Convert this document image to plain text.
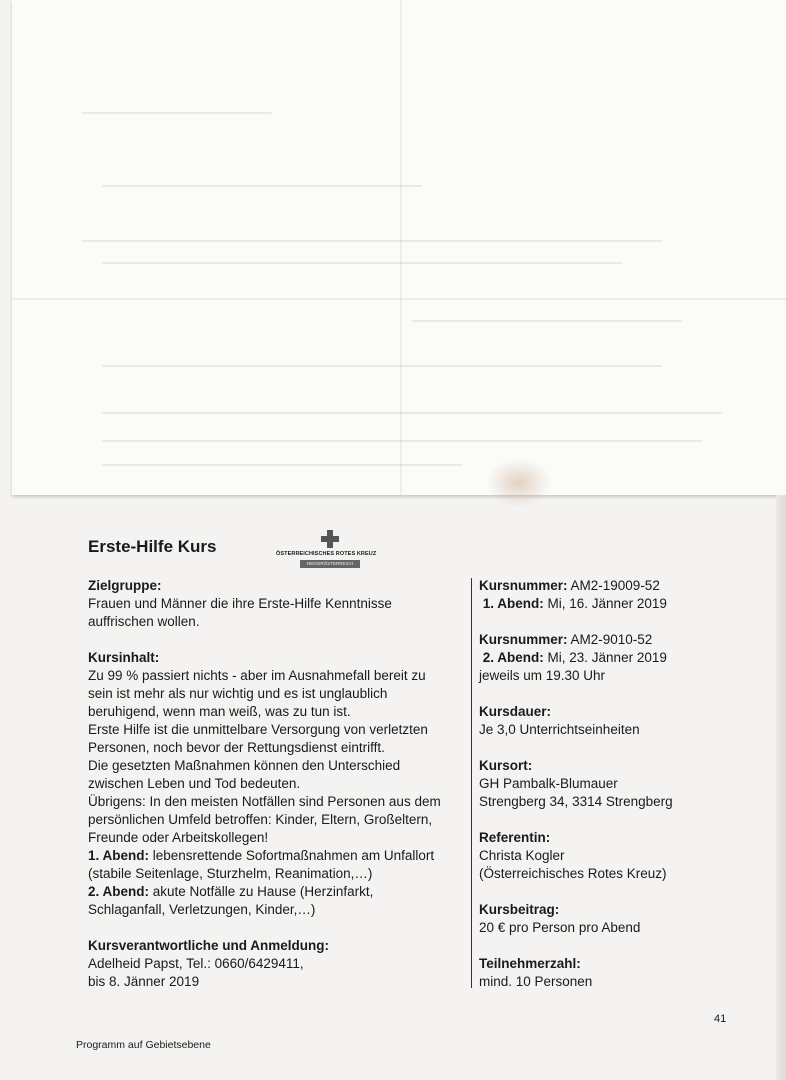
Erste-Hilfe Kurs	ÖSTERREICHISCHES ROTES KREUZ
NIEDERÖSTERREICH
Zielgruppe:
Frauen und Männer die ihre Erste-Hilfe Kenntnisse
auffrischen wollen.
Kursinhalt:
Zu 99 % passiert nichts - aber im Ausnahmefall bereit zu
sein ist mehr als nur wichtig und es ist unglaublich
beruhigend, wenn man weiß, was zu tun ist.
Erste Hilfe ist die unmittelbare Versorgung von verletzten
Personen, noch bevor der Rettungsdienst eintrifft.
Die gesetzten Maßnahmen können den Unterschied
zwischen Leben und Tod bedeuten.
Übrigens: In den meisten Notfällen sind Personen aus dem
persönlichen Umfeld betroffen: Kinder, Eltern, Großeltern,
Freunde oder Arbeitskollegen!
1. Abend: lebensrettende Sofortmaßnahmen am Unfallort
(stabile Seitenlage, Sturzhelm, Reanimation,…)
2. Abend: akute Notfälle zu Hause (Herzinfarkt,
Schlaganfall, Verletzungen, Kinder,…)
Kursverantwortliche und Anmeldung:
Adelheid Papst, Tel.: 0660/6429411,
bis 8. Jänner 2019
Kursnummer: AM2-19009-52
1. Abend: Mi, 16. Jänner 2019
Kursnummer: AM2-9010-52
2. Abend: Mi, 23. Jänner 2019
jeweils um 19.30 Uhr
Kursdauer:
Je 3,0 Unterrichtseinheiten
Kursort:
GH Pambalk-Blumauer
Strengberg 34, 3314 Strengberg
Referentin:
Christa Kogler
(Österreichisches Rotes Kreuz)
Kursbeitrag:
20 € pro Person pro Abend
Teilnehmerzahl:
mind. 10 Personen
41
Programm auf Gebietsebene
